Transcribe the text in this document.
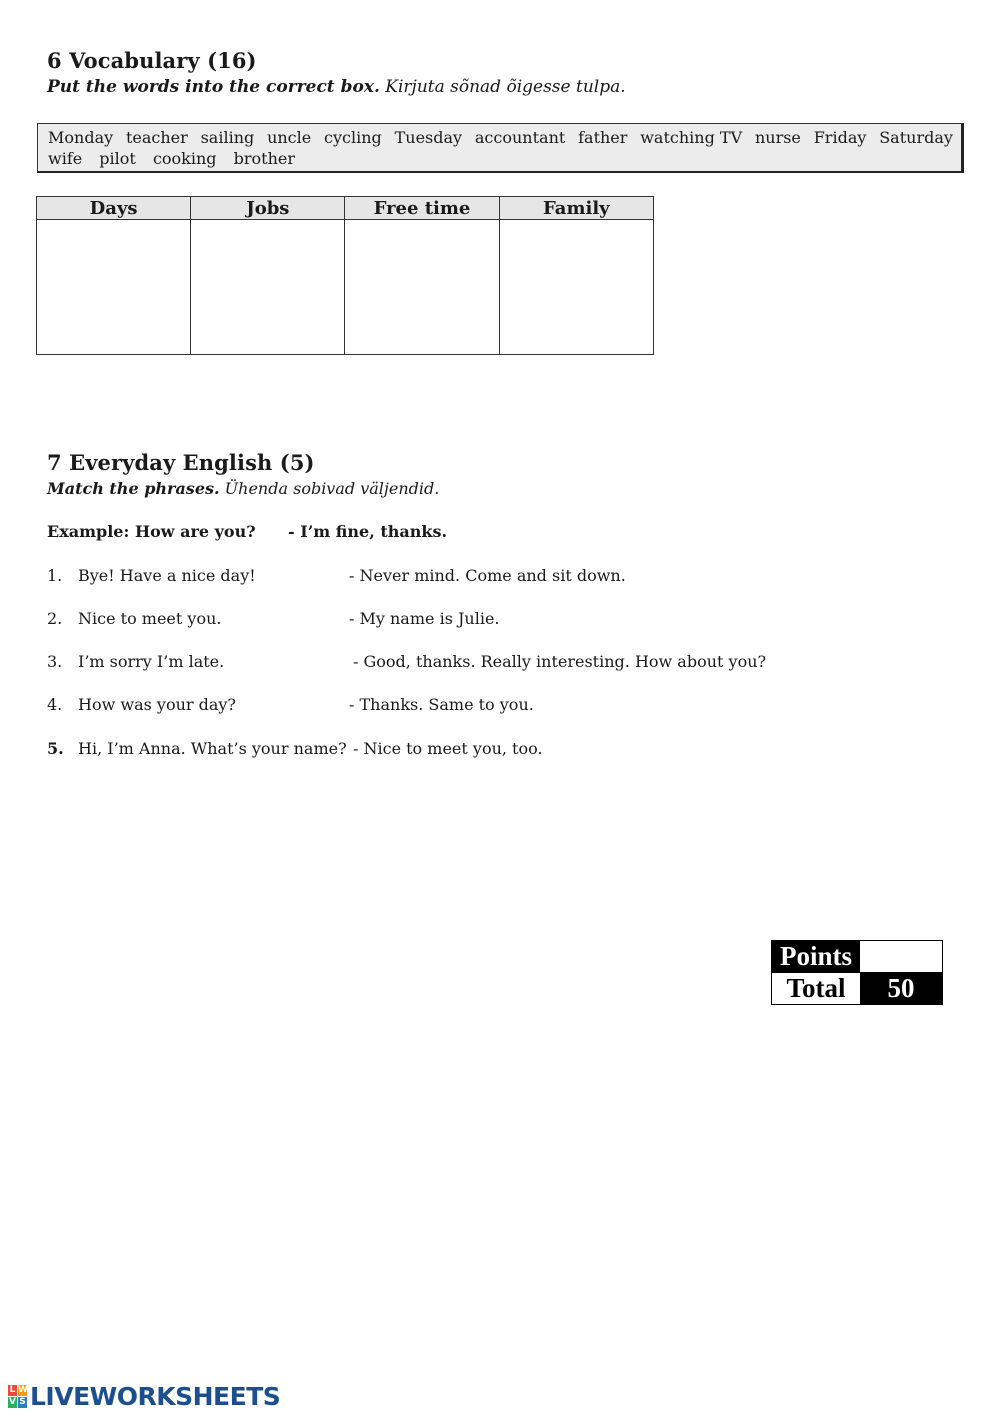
6 Vocabulary (16)
Put the words into the correct box. Kirjuta sõnad õigesse tulpa.
Monday teacher sailing uncle cycling Tuesday accountant father watching TV nurse Friday Saturday
wife pilot cooking brother
Days	Jobs	Free time	Family

7 Everyday English (5)
Match the phrases. Ühenda sobivad väljendid.
Example: How are you? - I’m fine, thanks.
1. Bye! Have a nice day!	- Never mind. Come and sit down.
2. Nice to meet you.	- My name is Julie.
3. I’m sorry I’m late.	- Good, thanks. Really interesting. How about you?
4. How was your day?	- Thanks. Same to you.
5. Hi, I’m Anna. What’s your name? - Nice to meet you, too.
Points
Total	50
L W
V S LIVEWORKSHEETS
